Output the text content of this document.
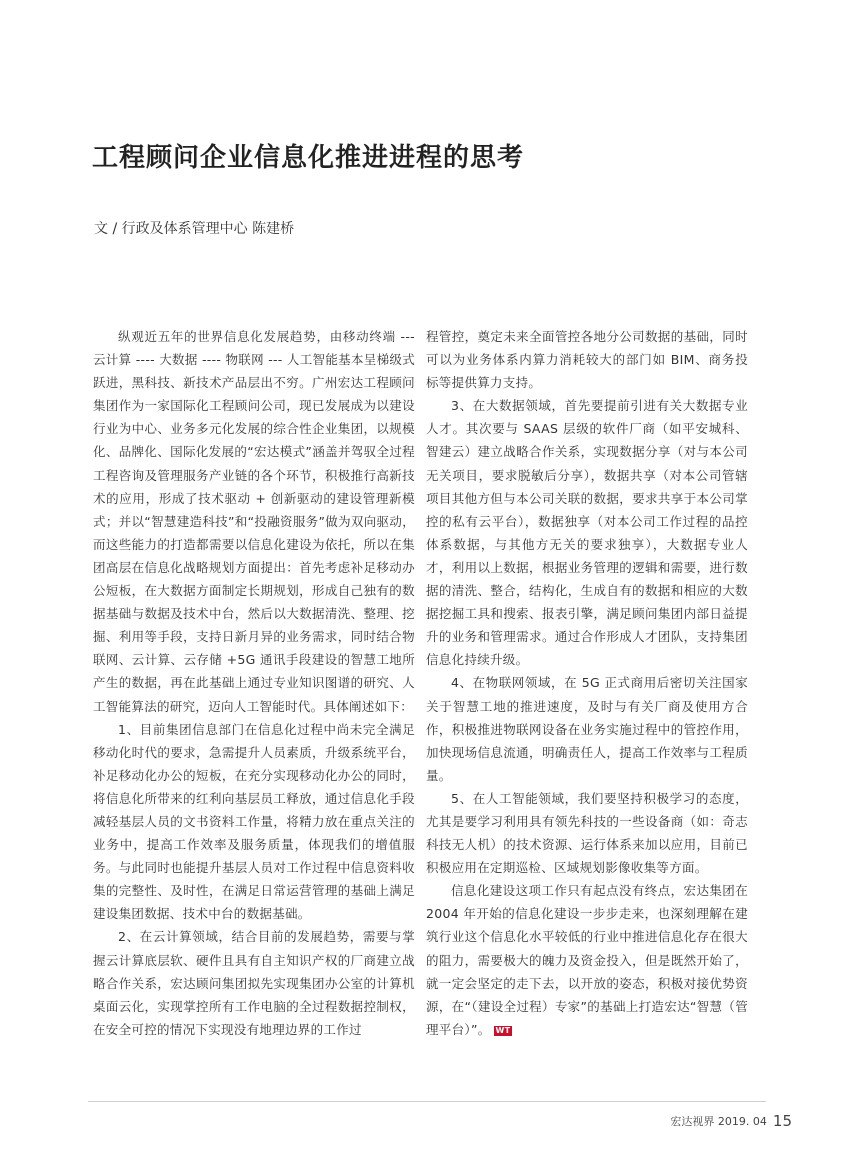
工程顾问企业信息化推进进程的思考
文 / 行政及体系管理中心 陈建桥

纵观近五年的世界信息化发展趋势，由移动终端 --- 云计算 ---- 大数据 ---- 物联网 --- 人工智能基本呈梯级式跃进，黑科技、新技术产品层出不穷。广州宏达工程顾问集团作为一家国际化工程顾问公司，现已发展成为以建设行业为中心、业务多元化发展的综合性企业集团，以规模化、品牌化、国际化发展的“宏达模式”涵盖并驾驭全过程工程咨询及管理服务产业链的各个环节，积极推行高新技术的应用，形成了技术驱动 + 创新驱动的建设管理新模式；并以“智慧建造科技”和“投融资服务”做为双向驱动，而这些能力的打造都需要以信息化建设为依托，所以在集团高层在信息化战略规划方面提出：首先考虑补足移动办公短板，在大数据方面制定长期规划，形成自己独有的数据基础与数据及技术中台，然后以大数据清洗、整理、挖掘、利用等手段，支持日新月异的业务需求，同时结合物联网、云计算、云存储 +5G 通讯手段建设的智慧工地所产生的数据，再在此基础上通过专业知识图谱的研究、人工智能算法的研究，迈向人工智能时代。具体阐述如下：

1、目前集团信息部门在信息化过程中尚未完全满足移动化时代的要求，急需提升人员素质，升级系统平台，补足移动化办公的短板，在充分实现移动化办公的同时，将信息化所带来的红利向基层员工释放，通过信息化手段减轻基层人员的文书资料工作量，将精力放在重点关注的业务中，提高工作效率及服务质量，体现我们的增值服务。与此同时也能提升基层人员对工作过程中信息资料收集的完整性、及时性，在满足日常运营管理的基础上满足建设集团数据、技术中台的数据基础。

2、在云计算领域，结合目前的发展趋势，需要与掌握云计算底层软、硬件且具有自主知识产权的厂商建立战略合作关系，宏达顾问集团拟先实现集团办公室的计算机桌面云化，实现掌控所有工作电脑的全过程数据控制权，在安全可控的情况下实现没有地理边界的工作过

程管控，奠定未来全面管控各地分公司数据的基础，同时可以为业务体系内算力消耗较大的部门如 BIM、商务投标等提供算力支持。

3、在大数据领域，首先要提前引进有关大数据专业人才。其次要与 SAAS 层级的软件厂商（如平安城科、智建云）建立战略合作关系，实现数据分享（对与本公司无关项目，要求脱敏后分享），数据共享（对本公司管辖项目其他方但与本公司关联的数据，要求共享于本公司掌控的私有云平台），数据独享（对本公司工作过程的品控体系数据，与其他方无关的要求独享），大数据专业人才，利用以上数据，根据业务管理的逻辑和需要，进行数据的清洗、整合，结构化，生成自有的数据和相应的大数据挖掘工具和搜索、报表引擎，满足顾问集团内部日益提升的业务和管理需求。通过合作形成人才团队，支持集团信息化持续升级。

4、在物联网领域，在 5G 正式商用后密切关注国家关于智慧工地的推进速度，及时与有关厂商及使用方合作，积极推进物联网设备在业务实施过程中的管控作用，加快现场信息流通，明确责任人，提高工作效率与工程质量。

5、在人工智能领域，我们要坚持积极学习的态度，尤其是要学习利用具有领先科技的一些设备商（如：奇志科技无人机）的技术资源、运行体系来加以应用，目前已积极应用在定期巡检、区域规划影像收集等方面。

信息化建设这项工作只有起点没有终点，宏达集团在 2004 年开始的信息化建设一步步走来，也深刻理解在建筑行业这个信息化水平较低的行业中推进信息化存在很大的阻力，需要极大的魄力及资金投入，但是既然开始了，就一定会坚定的走下去，以开放的姿态，积极对接优势资源，在“（建设全过程）专家”的基础上打造宏达“智慧（管理平台）”。 WT

宏达视界 2019. 04 15
